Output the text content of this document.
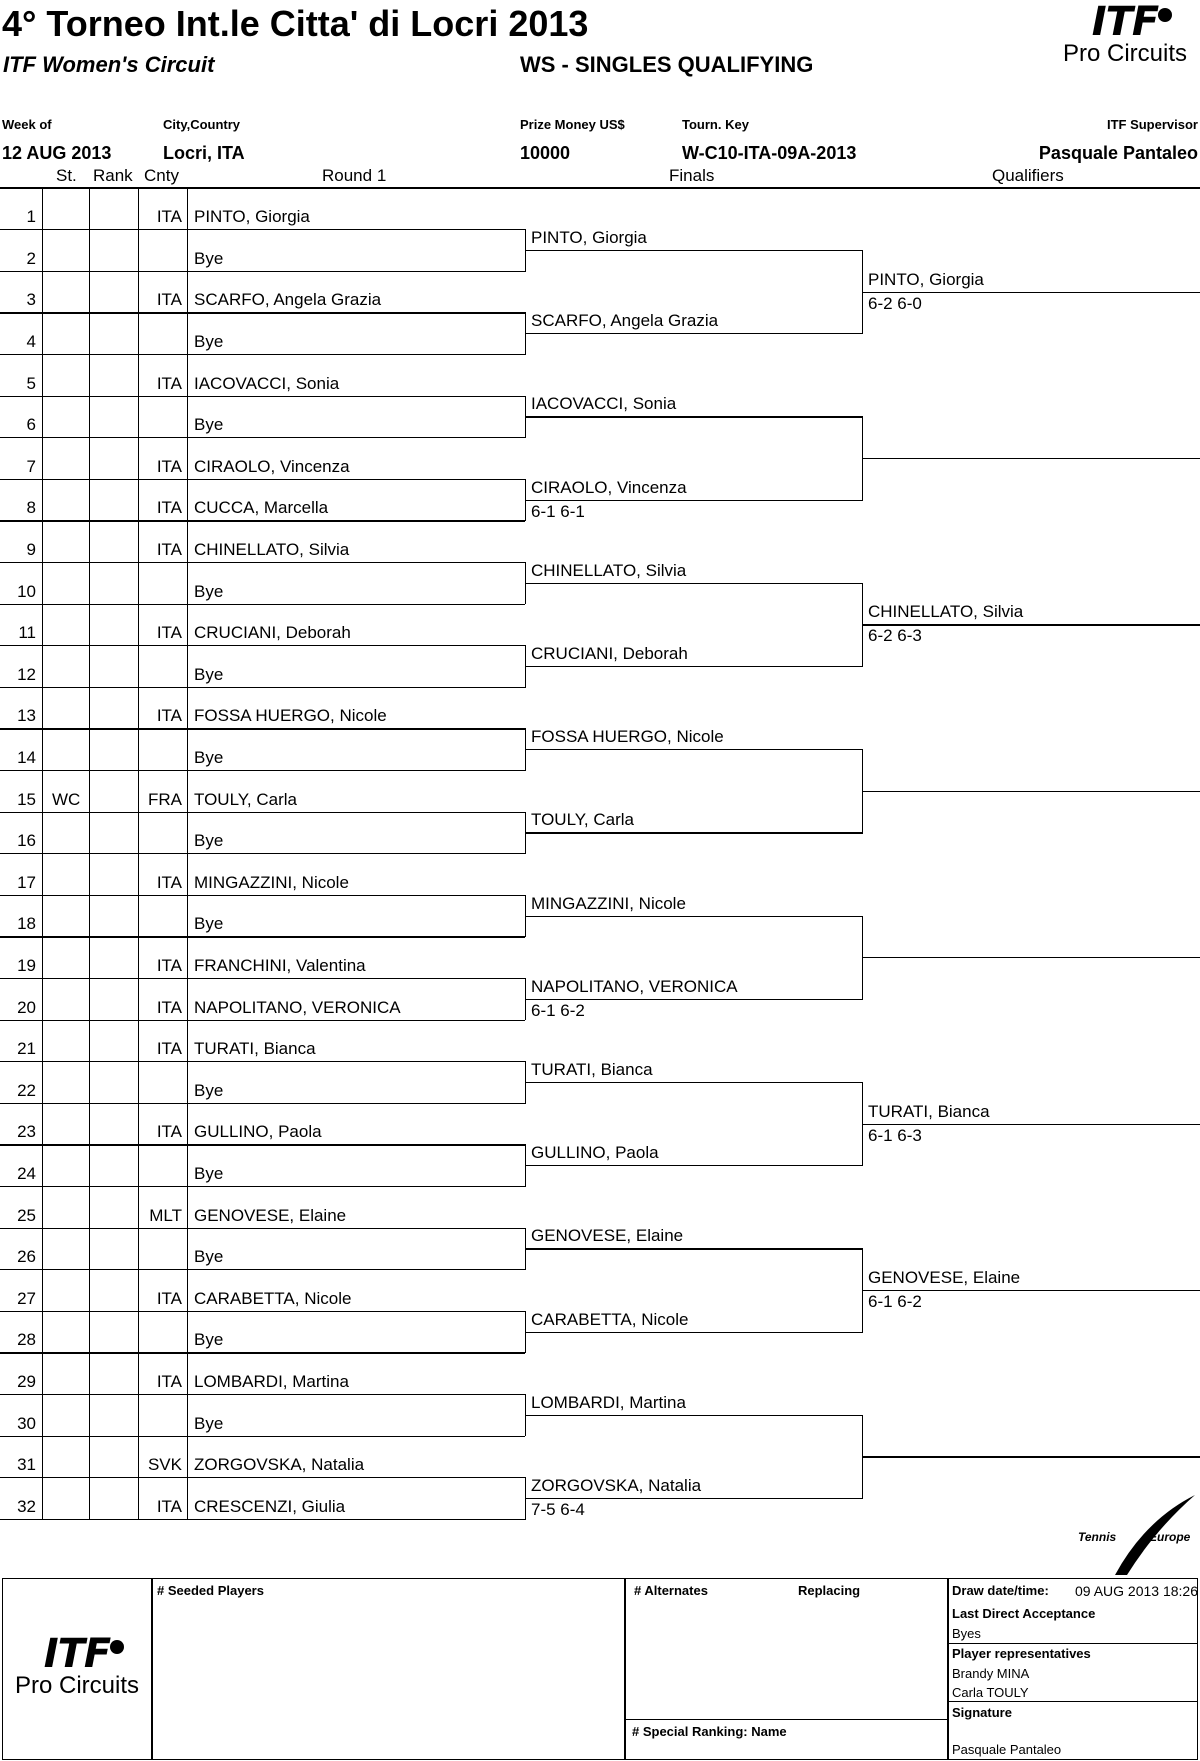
4° Torneo Int.le Citta' di Locri 2013
ITF Women's Circuit	WS - SINGLES QUALIFYING
ITF
Pro Circuits
Week of	City,Country	Prize Money US$	Tourn. Key	ITF Supervisor
12 AUG 2013	Locri, ITA	10000	W-C10-ITA-09A-2013	Pasquale Pantaleo
St. Rank Cnty	Round 1	Finals	Qualifiers
1	ITA PINTO, Giorgia
2	Bye
3	ITA SCARFO, Angela Grazia
4	Bye
5	ITA IACOVACCI, Sonia
6	Bye
7	ITA CIRAOLO, Vincenza
8	ITA CUCCA, Marcella
9	ITA CHINELLATO, Silvia
10	Bye
11	ITA CRUCIANI, Deborah
12	Bye
13	ITA FOSSA HUERGO, Nicole
14	Bye
15 WC	FRA TOULY, Carla
16	Bye
17	ITA MINGAZZINI, Nicole
18	Bye
19	ITA FRANCHINI, Valentina
20	ITA NAPOLITANO, VERONICA
21	ITA TURATI, Bianca
22	Bye
23	ITA GULLINO, Paola
24	Bye
25	MLT GENOVESE, Elaine
26	Bye
27	ITA CARABETTA, Nicole
28	Bye
29	ITA LOMBARDI, Martina
30	Bye
31	SVK ZORGOVSKA, Natalia
32	ITA CRESCENZI, Giulia
PINTO, Giorgia
SCARFO, Angela Grazia
IACOVACCI, Sonia
CIRAOLO, Vincenza
6-1 6-1
CHINELLATO, Silvia
CRUCIANI, Deborah
FOSSA HUERGO, Nicole
TOULY, Carla
MINGAZZINI, Nicole
NAPOLITANO, VERONICA
6-1 6-2
TURATI, Bianca
GULLINO, Paola
GENOVESE, Elaine
CARABETTA, Nicole
LOMBARDI, Martina
ZORGOVSKA, Natalia
7-5 6-4
PINTO, Giorgia
6-2 6-0
CHINELLATO, Silvia
6-2 6-3
TURATI, Bianca
6-1 6-3
GENOVESE, Elaine
6-1 6-2
Tennis	Europe
ITF
Pro Circuits
# Seeded Players	# Alternates	Replacing
# Special Ranking: Name
Draw date/time: 09 AUG 2013 18:26
Last Direct Acceptance
Byes
Player representatives
Brandy MINA
Carla TOULY
Signature
Pasquale Pantaleo
